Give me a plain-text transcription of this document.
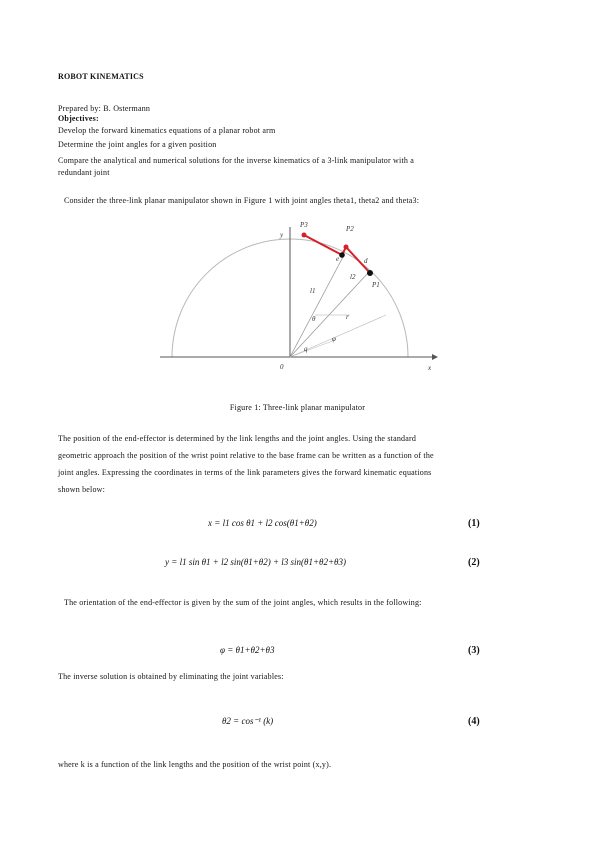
ROBOT KINEMATICS
Prepared by: B. Ostermann
Objectives:
Develop the forward kinematics equations of a planar robot arm
Determine the joint angles for a given position
Compare the analytical and numerical solutions for the inverse kinematics of a 3-link manipulator with a
redundant joint
Consider the three-link planar manipulator shown in Figure 1 with joint angles theta1, theta2 and theta3:
y
x
0
P3	P2
P1
l1
l2
θ
φ
r
e
q
d
Figure 1: Three-link planar manipulator
The position of the end-effector is determined by the link lengths and the joint angles. Using the standard
geometric approach the position of the wrist point relative to the base frame can be written as a function of the
joint angles. Expressing the coordinates in terms of the link parameters gives the forward kinematic equations
shown below:
x = l1 cos θ1 + l2 cos(θ1+θ2)	(1)
y = l1 sin θ1 + l2 sin(θ1+θ2) + l3 sin(θ1+θ2+θ3)	(2)
The orientation of the end-effector is given by the sum of the joint angles, which results in the following:
φ = θ1+θ2+θ3	(3)
The inverse solution is obtained by eliminating the joint variables:
θ2 = cos⁻¹ (k)	(4)
where k is a function of the link lengths and the position of the wrist point (x,y).
